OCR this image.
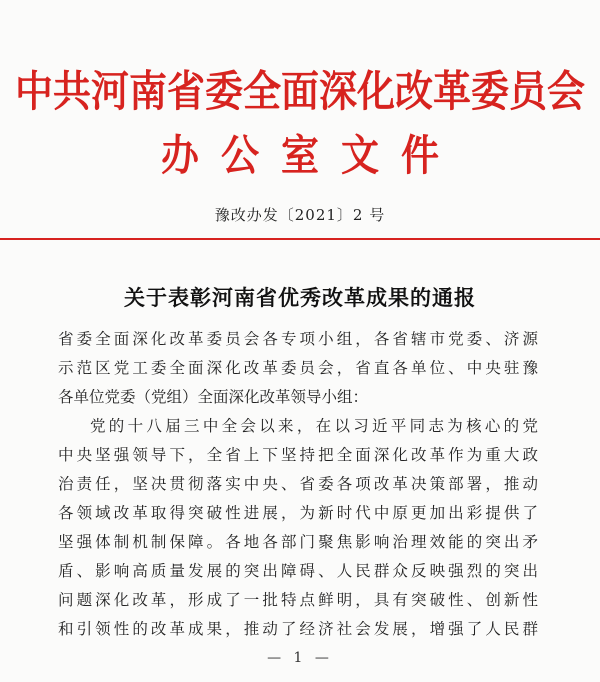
中共河南省委全面深化改革委员会
办公室文件
豫改办发〔2021〕2 号
关于表彰河南省优秀改革成果的通报
省委全面深化改革委员会各专项小组，各省辖市党委、济源
示范区党工委全面深化改革委员会，省直各单位、中央驻豫
各单位党委（党组）全面深化改革领导小组：
党的十八届三中全会以来，在以习近平同志为核心的党
中央坚强领导下，全省上下坚持把全面深化改革作为重大政
治责任，坚决贯彻落实中央、省委各项改革决策部署，推动
各领域改革取得突破性进展，为新时代中原更加出彩提供了
坚强体制机制保障。各地各部门聚焦影响治理效能的突出矛
盾、影响高质量发展的突出障碍、人民群众反映强烈的突出
问题深化改革，形成了一批特点鲜明，具有突破性、创新性
和引领性的改革成果，推动了经济社会发展，增强了人民群
— 1 —
